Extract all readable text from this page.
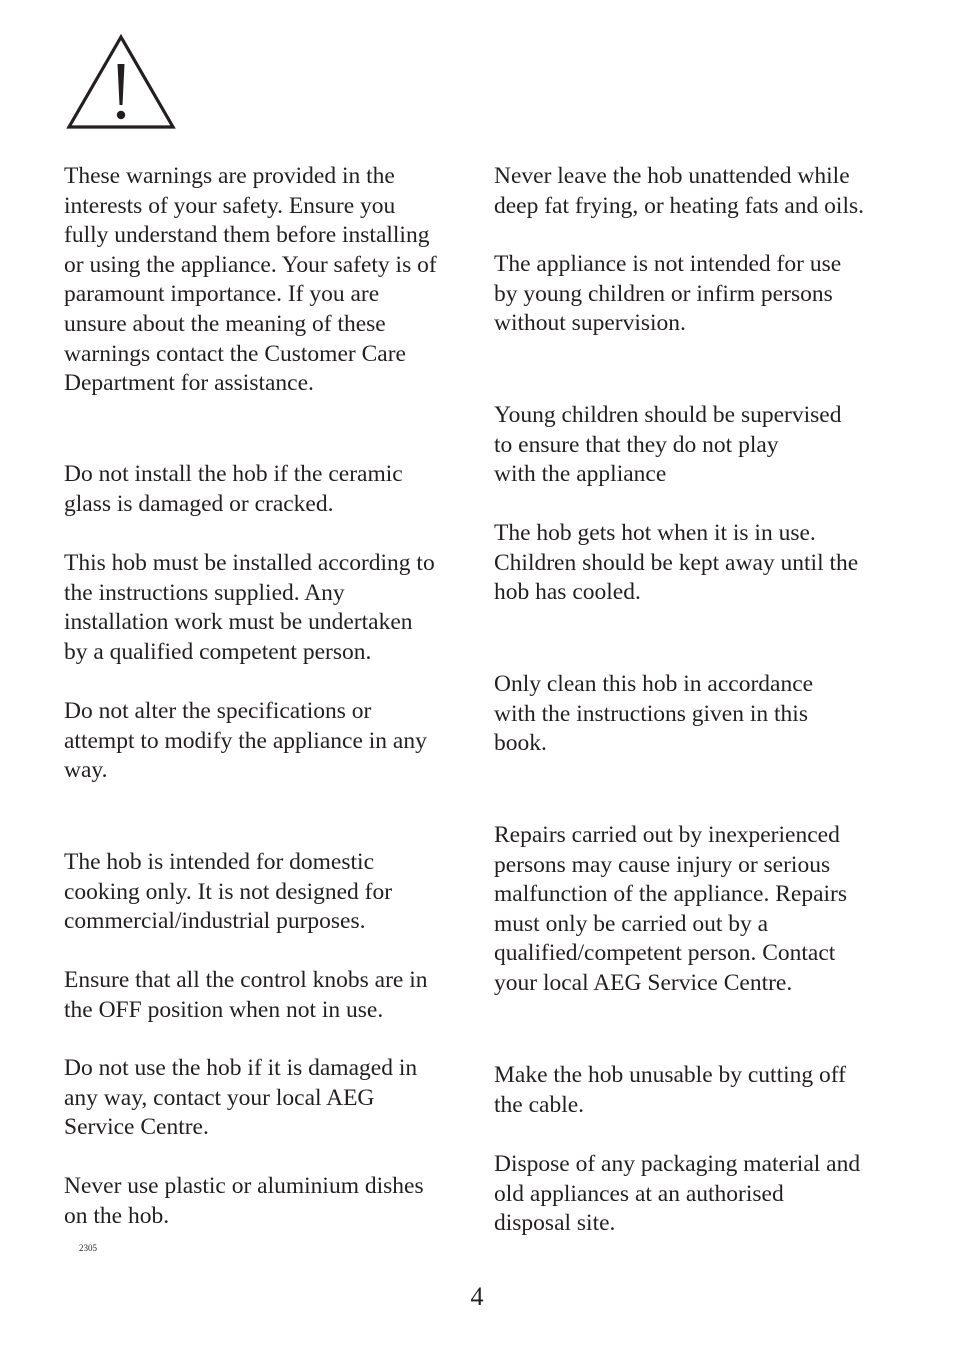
These warnings are provided in the
interests of your safety. Ensure you
fully understand them before installing
or using the appliance. Your safety is of
paramount importance. If you are
unsure about the meaning of these
warnings contact the Customer Care
Department for assistance.

Do not install the hob if the ceramic
glass is damaged or cracked.

This hob must be installed according to
the instructions supplied. Any
installation work must be undertaken
by a qualified competent person.

Do not alter the specifications or
attempt to modify the appliance in any
way.

The hob is intended for domestic
cooking only. It is not designed for
commercial/industrial purposes.

Ensure that all the control knobs are in
the OFF position when not in use.

Do not use the hob if it is damaged in
any way, contact your local AEG
Service Centre.

Never use plastic or aluminium dishes
on the hob.

Never leave the hob unattended while
deep fat frying, or heating fats and oils.

The appliance is not intended for use
by young children or infirm persons
without supervision.

Young children should be supervised
to ensure that they do not play
with the appliance

The hob gets hot when it is in use.
Children should be kept away until the
hob has cooled.

Only clean this hob in accordance
with the instructions given in this
book.

Repairs carried out by inexperienced
persons may cause injury or serious
malfunction of the appliance. Repairs
must only be carried out by a
qualified/competent person. Contact
your local AEG Service Centre.

Make the hob unusable by cutting off
the cable.

Dispose of any packaging material and
old appliances at an authorised
disposal site.

2305
4
